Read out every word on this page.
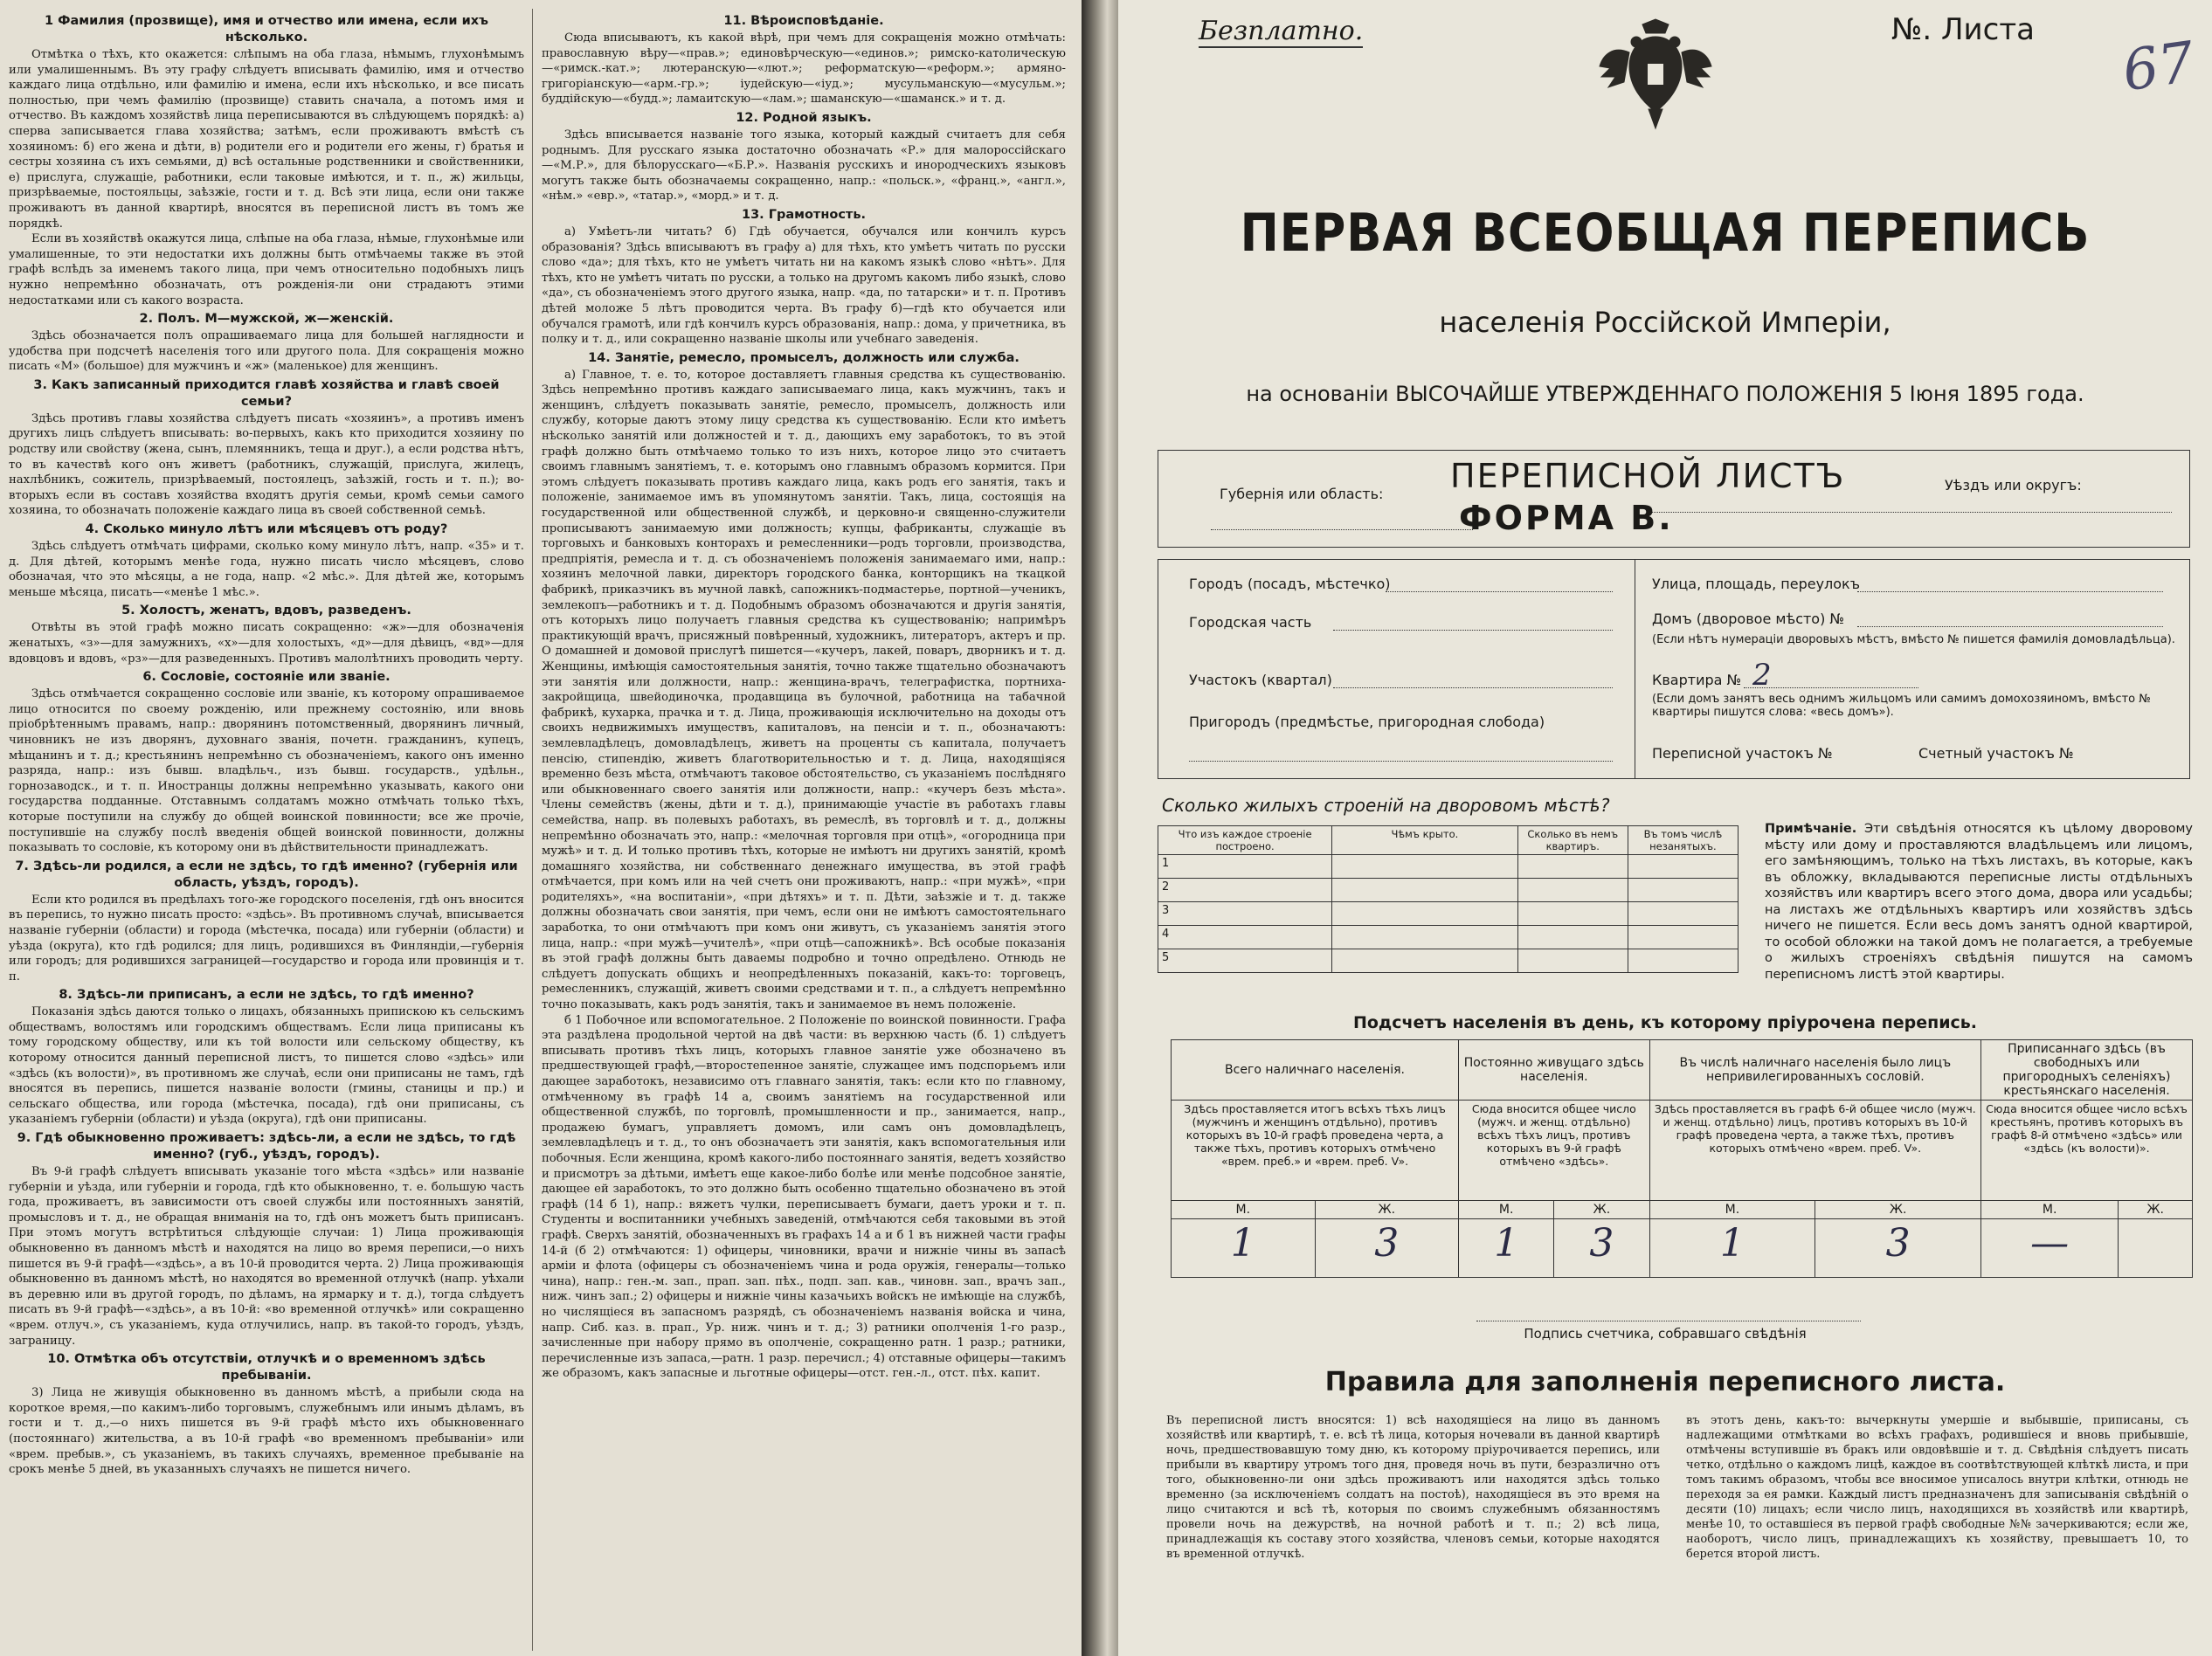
1 Фамилия (прозвище), имя и отчество или имена, если ихъ нѣсколько.

Отмѣтка о тѣхъ, кто окажется: слѣпымъ на оба глаза, нѣмымъ, глухонѣмымъ или умалишеннымъ. Въ эту графу слѣдуетъ вписывать фамилію, имя и отчество каждаго лица отдѣльно, или фамилію и имена, если ихъ нѣсколько, и все писать полностью, при чемъ фамилію (прозвище) ставить сначала, а потомъ имя и отчество. Въ каждомъ хозяйствѣ лица переписываются въ слѣдующемъ порядкѣ: а) сперва записывается глава хозяйства; затѣмъ, если проживаютъ вмѣстѣ съ хозяиномъ: б) его жена и дѣти, в) родители его и родители его жены, г) братья и сестры хозяина съ ихъ семьями, д) всѣ остальные родственники и свойственники, е) прислуга, служащіе, работники, если таковые имѣются, и т. п., ж) жильцы, призрѣваемые, постояльцы, заѣзжіе, гости и т. д. Всѣ эти лица, если они также проживаютъ въ данной квартирѣ, вносятся въ переписной листъ въ томъ же порядкѣ.

Если въ хозяйствѣ окажутся лица, слѣпые на оба глаза, нѣмые, глухонѣмые или умалишенные, то эти недостатки ихъ должны быть отмѣчаемы также въ этой графѣ вслѣдъ за именемъ такого лица, при чемъ относительно подобныхъ лицъ нужно непремѣнно обозначать, отъ рожденія-ли они страдаютъ этими недостатками или съ какого возраста.

2. Полъ. М—мужской, ж—женскій.

Здѣсь обозначается полъ опрашиваемаго лица для большей наглядности и удобства при подсчетѣ населенія того или другого пола. Для сокращенія можно писать «М» (большое) для мужчинъ и «ж» (маленькое) для женщинъ.

3. Какъ записанный приходится главѣ хозяйства и главѣ своей семьи?

Здѣсь противъ главы хозяйства слѣдуетъ писать «хозяинъ», а противъ именъ другихъ лицъ слѣдуетъ вписывать: во-первыхъ, какъ кто приходится хозяину по родству или свойству (жена, сынъ, племянникъ, теща и друг.), а если родства нѣтъ, то въ качествѣ кого онъ живетъ (работникъ, служащій, прислуга, жилецъ, нахлѣбникъ, сожитель, призрѣваемый, постоялецъ, заѣзжій, гость и т. п.); во-вторыхъ если въ составъ хозяйства входятъ другія семьи, кромѣ семьи самого хозяина, то обозначать положеніе каждаго лица въ своей собственной семьѣ.

4. Сколько минуло лѣтъ или мѣсяцевъ отъ роду?

Здѣсь слѣдуетъ отмѣчать цифрами, сколько кому минуло лѣтъ, напр. «35» и т. д. Для дѣтей, которымъ менѣе года, нужно писать число мѣсяцевъ, слово обозначая, что это мѣсяцы, а не года, напр. «2 мѣс.». Для дѣтей же, которымъ меньше мѣсяца, писать—«менѣе 1 мѣс.».

5. Холостъ, женатъ, вдовъ, разведенъ.

Отвѣты въ этой графѣ можно писать сокращенно: «ж»—для обозначенія женатыхъ, «з»—для замужнихъ, «х»—для холостыхъ, «д»—для дѣвицъ, «вд»—для вдовцовъ и вдовъ, «рз»—для разведенныхъ. Противъ малолѣтнихъ проводить черту.

6. Сословіе, состояніе или званіе.

Здѣсь отмѣчается сокращенно сословіе или званіе, къ которому опрашиваемое лицо относится по своему рожденію, или прежнему состоянію, или вновь пріобрѣтеннымъ правамъ, напр.: дворянинъ потомственный, дворянинъ личный, чиновникъ не изъ дворянъ, духовнаго званія, почетн. гражданинъ, купецъ, мѣщанинъ и т. д.; крестьянинъ непремѣнно съ обозначеніемъ, какого онъ именно разряда, напр.: изъ бывш. владѣльч., изъ бывш. государств., удѣльн., горнозаводск., и т. п. Иностранцы должны непремѣнно указывать, какого они государства подданные. Отставнымъ солдатамъ можно отмѣчать только тѣхъ, которые поступили на службу до общей воинской повинности; все же прочіе, поступившіе на службу послѣ введенія общей воинской повинности, должны показывать то сословіе, къ которому они въ дѣйствительности принадлежатъ.

7. Здѣсь-ли родился, а если не здѣсь, то гдѣ именно? (губернія или область, уѣздъ, городъ).

Если кто родился въ предѣлахъ того-же городского поселенія, гдѣ онъ вносится въ перепись, то нужно писать просто: «здѣсь». Въ противномъ случаѣ, вписывается названіе губерніи (области) и города (мѣстечка, посада) или губерніи (области) и уѣзда (округа), кто гдѣ родился; для лицъ, родившихся въ Финляндіи,—губернія или городъ; для родившихся заграницей—государство и города или провинція и т. п.

8. Здѣсь-ли приписанъ, а если не здѣсь, то гдѣ именно?

Показанія здѣсь даются только о лицахъ, обязанныхъ припискою къ сельскимъ обществамъ, волостямъ или городскимъ обществамъ. Если лица приписаны къ тому городскому обществу, или къ той волости или сельскому обществу, къ которому относится данный переписной листъ, то пишется слово «здѣсь» или «здѣсь (къ волости)», въ противномъ же случаѣ, если они приписаны не тамъ, гдѣ вносятся въ перепись, пишется названіе волости (гмины, станицы и пр.) и сельскаго общества, или города (мѣстечка, посада), гдѣ они приписаны, съ указаніемъ губерніи (области) и уѣзда (округа), гдѣ они приписаны.

9. Гдѣ обыкновенно проживаетъ: здѣсь-ли, а если не здѣсь, то гдѣ именно? (губ., уѣздъ, городъ).

Въ 9-й графѣ слѣдуетъ вписывать указаніе того мѣста «здѣсь» или названіе губерніи и уѣзда, или губерніи и города, гдѣ кто обыкновенно, т. е. большую часть года, проживаетъ, въ зависимости отъ своей службы или постоянныхъ занятій, промысловъ и т. д., не обращая вниманія на то, гдѣ онъ можетъ быть приписанъ. При этомъ могутъ встрѣтиться слѣдующіе случаи: 1) Лица проживающія обыкновенно въ данномъ мѣстѣ и находятся на лицо во время переписи,—о нихъ пишется въ 9-й графѣ—«здѣсь», а въ 10-й проводится черта. 2) Лица проживающія обыкновенно въ данномъ мѣстѣ, но находятся во временной отлучкѣ (напр. уѣхали въ деревню или въ другой городъ, по дѣламъ, на ярмарку и т. д.), тогда слѣдуетъ писать въ 9-й графѣ—«здѣсь», а въ 10-й: «во временной отлучкѣ» или сокращенно «врем. отлуч.», съ указаніемъ, куда отлучились, напр. въ такой-то городъ, уѣздъ, заграницу.

10. Отмѣтка объ отсутствіи, отлучкѣ и о временномъ здѣсь пребываніи.

3) Лица не живущія обыкновенно въ данномъ мѣстѣ, а прибыли сюда на короткое время,—по какимъ-либо торговымъ, служебнымъ или инымъ дѣламъ, въ гости и т. д.,—о нихъ пишется въ 9-й графѣ мѣсто ихъ обыкновеннаго (постояннаго) жительства, а въ 10-й графѣ «во временномъ пребываніи» или «врем. пребыв.», съ указаніемъ, въ такихъ случаяхъ, временное пребываніе на срокъ менѣе 5 дней, въ указанныхъ случаяхъ не пишется ничего.

11. Вѣроисповѣданіе.

Сюда вписываютъ, къ какой вѣрѣ, при чемъ для сокращенія можно отмѣчать: православную вѣру—«прав.»; единовѣрческую—«единов.»; римско-католическую—«римск.-кат.»; лютеранскую—«лют.»; реформатскую—«реформ.»; армяно-григоріанскую—«арм.-гр.»; іудейскую—«іуд.»; мусульманскую—«мусульм.»; буддійскую—«будд.»; ламаитскую—«лам.»; шаманскую—«шаманск.» и т. д.

12. Родной языкъ.

Здѣсь вписывается названіе того языка, который каждый считаетъ для себя роднымъ. Для русскаго языка достаточно обозначать «Р.» для малороссійскаго—«М.Р.», для бѣлорусскаго—«Б.Р.». Названія русскихъ и инородческихъ языковъ могутъ также быть обозначаемы сокращенно, напр.: «польск.», «франц.», «англ.», «нѣм.» «евр.», «татар.», «морд.» и т. д.

13. Грамотность.

а) Умѣетъ-ли читать? б) Гдѣ обучается, обучался или кончилъ курсъ образованія? Здѣсь вписываютъ въ графу а) для тѣхъ, кто умѣетъ читать по русски слово «да»; для тѣхъ, кто не умѣетъ читать ни на какомъ языкѣ слово «нѣтъ». Для тѣхъ, кто не умѣетъ читать по русски, а только на другомъ какомъ либо языкѣ, слово «да», съ обозначеніемъ этого другого языка, напр. «да, по татарски» и т. п. Противъ дѣтей моложе 5 лѣтъ проводится черта. Въ графу б)—гдѣ кто обучается или обучался грамотѣ, или гдѣ кончилъ курсъ образованія, напр.: дома, у причетника, въ полку и т. д., или сокращенно названіе школы или учебнаго заведенія.

14. Занятіе, ремесло, промыселъ, должность или служба.

а) Главное, т. е. то, которое доставляетъ главныя средства къ существованію. Здѣсь непремѣнно противъ каждаго записываемаго лица, какъ мужчинъ, такъ и женщинъ, слѣдуетъ показывать занятіе, ремесло, промыселъ, должность или службу, которые даютъ этому лицу средства къ существованію. Если кто имѣетъ нѣсколько занятій или должностей и т. д., дающихъ ему заработокъ, то въ этой графѣ должно быть отмѣчаемо только то изъ нихъ, которое лицо это считаетъ своимъ главнымъ занятіемъ, т. е. которымъ оно главнымъ образомъ кормится. При этомъ слѣдуетъ показывать противъ каждаго лица, какъ родъ его занятія, такъ и положеніе, занимаемое имъ въ упомянутомъ занятіи. Такъ, лица, состоящія на государственной или общественной службѣ, и церковно-и священно-служители прописываютъ занимаемую ими должность; купцы, фабриканты, служащіе въ торговыхъ и банковыхъ конторахъ и ремесленники—родъ торговли, производства, предпріятія, ремесла и т. д. съ обозначеніемъ положенія занимаемаго ими, напр.: хозяинъ мелочной лавки, директоръ городского банка, конторщикъ на ткацкой фабрикѣ, приказчикъ въ мучной лавкѣ, сапожникъ-подмастерье, портной—ученикъ, землекопъ—работникъ и т. д. Подобнымъ образомъ обозначаются и другія занятія, отъ которыхъ лицо получаетъ главныя средства къ существованію; напримѣръ практикующій врачъ, присяжный повѣренный, художникъ, литераторъ, актеръ и пр. О домашней и домовой прислугѣ пишется—«кучеръ, лакей, поваръ, дворникъ и т. д. Женщины, имѣющія самостоятельныя занятія, точно также тщательно обозначаютъ эти занятія или должности, напр.: женщина-врачъ, телеграфистка, портниха-закройщица, швейодиночка, продавщица въ булочной, работница на табачной фабрикѣ, кухарка, прачка и т. д. Лица, проживающія исключительно на доходы отъ своихъ недвижимыхъ имуществъ, капиталовъ, на пенсіи и т. п., обозначаютъ: землевладѣлецъ, домовладѣлецъ, живетъ на проценты съ капитала, получаетъ пенсію, стипендію, живетъ благотворительностью и т. д. Лица, находящіяся временно безъ мѣста, отмѣчаютъ таковое обстоятельство, съ указаніемъ послѣдняго или обыкновеннаго своего занятія или должности, напр.: «кучеръ безъ мѣста». Члены семействъ (жены, дѣти и т. д.), принимающіе участіе въ работахъ главы семейства, напр. въ полевыхъ работахъ, въ ремеслѣ, въ торговлѣ и т. д., должны непремѣнно обозначать это, напр.: «мелочная торговля при отцѣ», «огородница при мужѣ» и т. д. И только противъ тѣхъ, которые не имѣютъ ни другихъ занятій, кромѣ домашняго хозяйства, ни собственнаго денежнаго имущества, въ этой графѣ отмѣчается, при комъ или на чей счетъ они проживаютъ, напр.: «при мужѣ», «при родителяхъ», «на воспитаніи», «при дѣтяхъ» и т. п. Дѣти, заѣзжіе и т. д. также должны обозначать свои занятія, при чемъ, если они не имѣютъ самостоятельнаго заработка, то они отмѣчаютъ при комъ они живутъ, съ указаніемъ занятія этого лица, напр.: «при мужѣ—учителѣ», «при отцѣ—сапожникѣ». Всѣ особые показанія въ этой графѣ должны быть даваемы подробно и точно опредѣлено. Отнюдь не слѣдуетъ допускать общихъ и неопредѣленныхъ показаній, какъ-то: торговецъ, ремесленникъ, служащій, живетъ своими средствами и т. п., а слѣдуетъ непремѣнно точно показывать, какъ родъ занятія, такъ и занимаемое въ немъ положеніе.

б 1 Побочное или вспомогательное. 2 Положеніе по воинской повинности. Графа эта раздѣлена продольной чертой на двѣ части: въ верхнюю часть (б. 1) слѣдуетъ вписывать противъ тѣхъ лицъ, которыхъ главное занятіе уже обозначено въ предшествующей графѣ,—второстепенное занятіе, служащее имъ подспорьемъ или дающее заработокъ, независимо отъ главнаго занятія, такъ: если кто по главному, отмѣченному въ графѣ 14 а, своимъ занятіемъ на государственной или общественной службѣ, по торговлѣ, промышленности и пр., занимается, напр., продажею бумагъ, управляетъ домомъ, или самъ онъ домовладѣлецъ, землевладѣлецъ и т. д., то онъ обозначаетъ эти занятія, какъ вспомогательныя или побочныя. Если женщина, кромѣ какого-либо постояннаго занятія, ведетъ хозяйство и присмотръ за дѣтьми, имѣетъ еще какое-либо болѣе или менѣе подсобное занятіе, дающее ей заработокъ, то это должно быть особенно тщательно обозначено въ этой графѣ (14 б 1), напр.: вяжетъ чулки, переписываетъ бумаги, даетъ уроки и т. п. Студенты и воспитанники учебныхъ заведеній, отмѣчаются себя таковыми въ этой графѣ. Сверхъ занятій, обозначенныхъ въ графахъ 14 а и б 1 въ нижней части графы 14-й (б 2) отмѣчаются: 1) офицеры, чиновники, врачи и нижніе чины въ запасѣ арміи и флота (офицеры съ обозначеніемъ чина и рода оружія, генералы—только чина), напр.: ген.-м. зап., прап. зап. пѣх., подп. зап. кав., чиновн. зап., врачъ зап., ниж. чинъ зап.; 2) офицеры и нижніе чины казачьихъ войскъ не имѣющіе на службѣ, но числящіеся въ запасномъ разрядѣ, съ обозначеніемъ названія войска и чина, напр. Сиб. каз. в. прап., Ур. ниж. чинъ и т. д.; 3) ратники ополченія 1-го разр., зачисленные при набору прямо въ ополченіе, сокращенно ратн. 1 разр.; ратники, перечисленные изъ запаса,—ратн. 1 разр. перечисл.; 4) отставные офицеры—такимъ же образомъ, какъ запасные и льготные офицеры—отст. ген.-л., отст. пѣх. капит.

Безплатно.	№. Листа
67
ПЕРВАЯ ВСЕОБЩАЯ ПЕРЕПИСЬ
населенія Россійской Имперіи,
на основаніи ВЫСОЧАЙШЕ УТВЕРЖДЕННАГО ПОЛОЖЕНІЯ 5 Іюня 1895 года.
Губернія или область:
Уѣздъ или округъ:
ПЕРЕПИСНОЙ ЛИСТЪ
ФОРМА В.
Городъ (посадъ, мѣстечко)
Городская часть
Участокъ (квартал)
Пригородъ (предмѣстье, пригородная слобода)
Улица, площадь, переулокъ
Домъ (дворовое мѣсто) №
(Если нѣтъ нумераціи дворовыхъ мѣстъ, вмѣсто № пишется фамилія домовладѣльца).
Квартира № 2
(Если домъ занятъ весь однимъ жильцомъ или самимъ домохозяиномъ, вмѣсто № квартиры пишутся слова: «весь домъ»).
Переписной участокъ №	Счетный участокъ №
Сколько жилыхъ строеній на дворовомъ мѣстѣ?
Что изъ каждое строеніе построено.	Чѣмъ крыто.	Сколько въ немъ квартиръ.	Въ томъ числѣ незанятыхъ.
1			
2			
3			
4			
5			
Примѣчаніе. Эти свѣдѣнія относятся къ цѣлому дворовому мѣсту или дому и проставляются владѣльцемъ или лицомъ, его замѣняющимъ, только на тѣхъ листахъ, въ которые, какъ въ обложку, вкладываются переписные листы отдѣльныхъ хозяйствъ или квартиръ всего этого дома, двора или усадьбы; на листахъ же отдѣльныхъ квартиръ или хозяйствъ здѣсь ничего не пишется. Если весь домъ занятъ одной квартирой, то особой обложки на такой домъ не полагается, а требуемые о жилыхъ строеніяхъ свѣдѣнія пишутся на самомъ переписномъ листѣ этой квартиры.
Подсчетъ населенія въ день, къ которому пріурочена перепись.
Всего наличнаго населенія.		Постоянно живущаго здѣсь населенія.		Въ числѣ наличнаго населенія было лицъ непривилегированныхъ сословій.		Приписаннаго здѣсь (въ свободныхъ или пригородныхъ селеніяхъ) крестьянскаго населенія.	
Здѣсь проставляется итогъ всѣхъ тѣхъ лицъ (мужчинъ и женщинъ отдѣльно), противъ которыхъ въ 10-й графѣ проведена черта, а также тѣхъ, противъ которыхъ отмѣчено «врем. преб.» и «врем. преб. V».		Сюда вносится общее число (мужч. и женщ. отдѣльно) всѣхъ тѣхъ лицъ, противъ которыхъ въ 9-й графѣ отмѣчено «здѣсь».		Здѣсь проставляется въ графѣ 6-й общее число (мужч. и женщ. отдѣльно) лицъ, противъ которыхъ въ 10-й графѣ проведена черта, а также тѣхъ, противъ которыхъ отмѣчено «врем. преб. V».		Сюда вносится общее число всѣхъ крестьянъ, противъ которыхъ въ графѣ 8-й отмѣчено «здѣсь» или «здѣсь (къ волости)».	
М.	Ж.	М.	Ж.	М.	Ж.	М.	Ж.
1	3	1	3	1	3	—	
Подпись счетчика, собравшаго свѣдѣнія
Правила для заполненія переписного листа.
Въ переписной листъ вносятся: 1) всѣ находящіеся на лицо въ данномъ хозяйствѣ или квартирѣ, т. е. всѣ тѣ лица, которыя ночевали въ данной квартирѣ ночь, предшествовавшую тому дню, къ которому пріурочивается перепись, или прибыли въ квартиру утромъ того дня, проведя ночь въ пути, безразлично отъ того, обыкновенно-ли они здѣсь проживаютъ или находятся здѣсь только временно (за исключеніемъ солдатъ на постоѣ), находящіеся въ это время на лицо считаются и всѣ тѣ, которыя по своимъ служебнымъ обязанностямъ провели ночь на дежурствѣ, на ночной работѣ и т. п.; 2) всѣ лица, принадлежащія къ составу этого хозяйства, членовъ семьи, которые находятся въ временной отлучкѣ.
въ этотъ день, какъ-то: вычеркнуты умершіе и выбывшіе, приписаны, съ надлежащими отмѣтками во всѣхъ графахъ, родившіеся и вновь прибывшіе, отмѣчены вступившіе въ бракъ или овдовѣвшіе и т. д. Свѣдѣнія слѣдуетъ писать четко, отдѣльно о каждомъ лицѣ, каждое въ соотвѣтствующей клѣткѣ листа, и при томъ такимъ образомъ, чтобы все вносимое уписалось внутри клѣтки, отнюдь не переходя за ея рамки. Каждый листъ предназначенъ для записыванія свѣдѣній о десяти (10) лицахъ; если число лицъ, находящихся въ хозяйствѣ или квартирѣ, менѣе 10, то оставшіеся въ первой графѣ свободные №№ зачеркиваются; если же, наоборотъ, число лицъ, принадлежащихъ къ хозяйству, превышаетъ 10, то берется второй листъ.
